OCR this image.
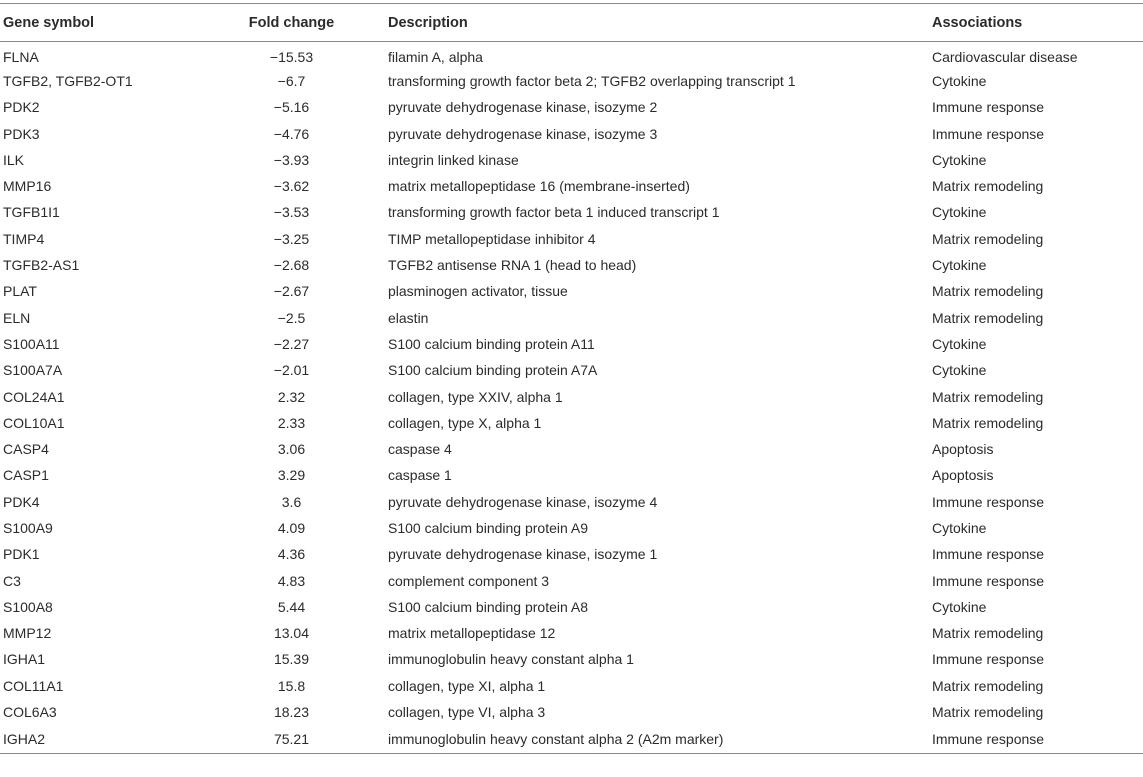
Gene symbol	Fold change	Description	Associations
FLNA	−15.53	filamin A, alpha	Cardiovascular disease
TGFB2, TGFB2-OT1	−6.7	transforming growth factor beta 2; TGFB2 overlapping transcript 1	Cytokine
PDK2	−5.16	pyruvate dehydrogenase kinase, isozyme 2	Immune response
PDK3	−4.76	pyruvate dehydrogenase kinase, isozyme 3	Immune response
ILK	−3.93	integrin linked kinase	Cytokine
MMP16	−3.62	matrix metallopeptidase 16 (membrane-inserted)	Matrix remodeling
TGFB1I1	−3.53	transforming growth factor beta 1 induced transcript 1	Cytokine
TIMP4	−3.25	TIMP metallopeptidase inhibitor 4	Matrix remodeling
TGFB2-AS1	−2.68	TGFB2 antisense RNA 1 (head to head)	Cytokine
PLAT	−2.67	plasminogen activator, tissue	Matrix remodeling
ELN	−2.5	elastin	Matrix remodeling
S100A11	−2.27	S100 calcium binding protein A11	Cytokine
S100A7A	−2.01	S100 calcium binding protein A7A	Cytokine
COL24A1	2.32	collagen, type XXIV, alpha 1	Matrix remodeling
COL10A1	2.33	collagen, type X, alpha 1	Matrix remodeling
CASP4	3.06	caspase 4	Apoptosis
CASP1	3.29	caspase 1	Apoptosis
PDK4	3.6	pyruvate dehydrogenase kinase, isozyme 4	Immune response
S100A9	4.09	S100 calcium binding protein A9	Cytokine
PDK1	4.36	pyruvate dehydrogenase kinase, isozyme 1	Immune response
C3	4.83	complement component 3	Immune response
S100A8	5.44	S100 calcium binding protein A8	Cytokine
MMP12	13.04	matrix metallopeptidase 12	Matrix remodeling
IGHA1	15.39	immunoglobulin heavy constant alpha 1	Immune response
COL11A1	15.8	collagen, type XI, alpha 1	Matrix remodeling
COL6A3	18.23	collagen, type VI, alpha 3	Matrix remodeling
IGHA2	75.21	immunoglobulin heavy constant alpha 2 (A2m marker)	Immune response
